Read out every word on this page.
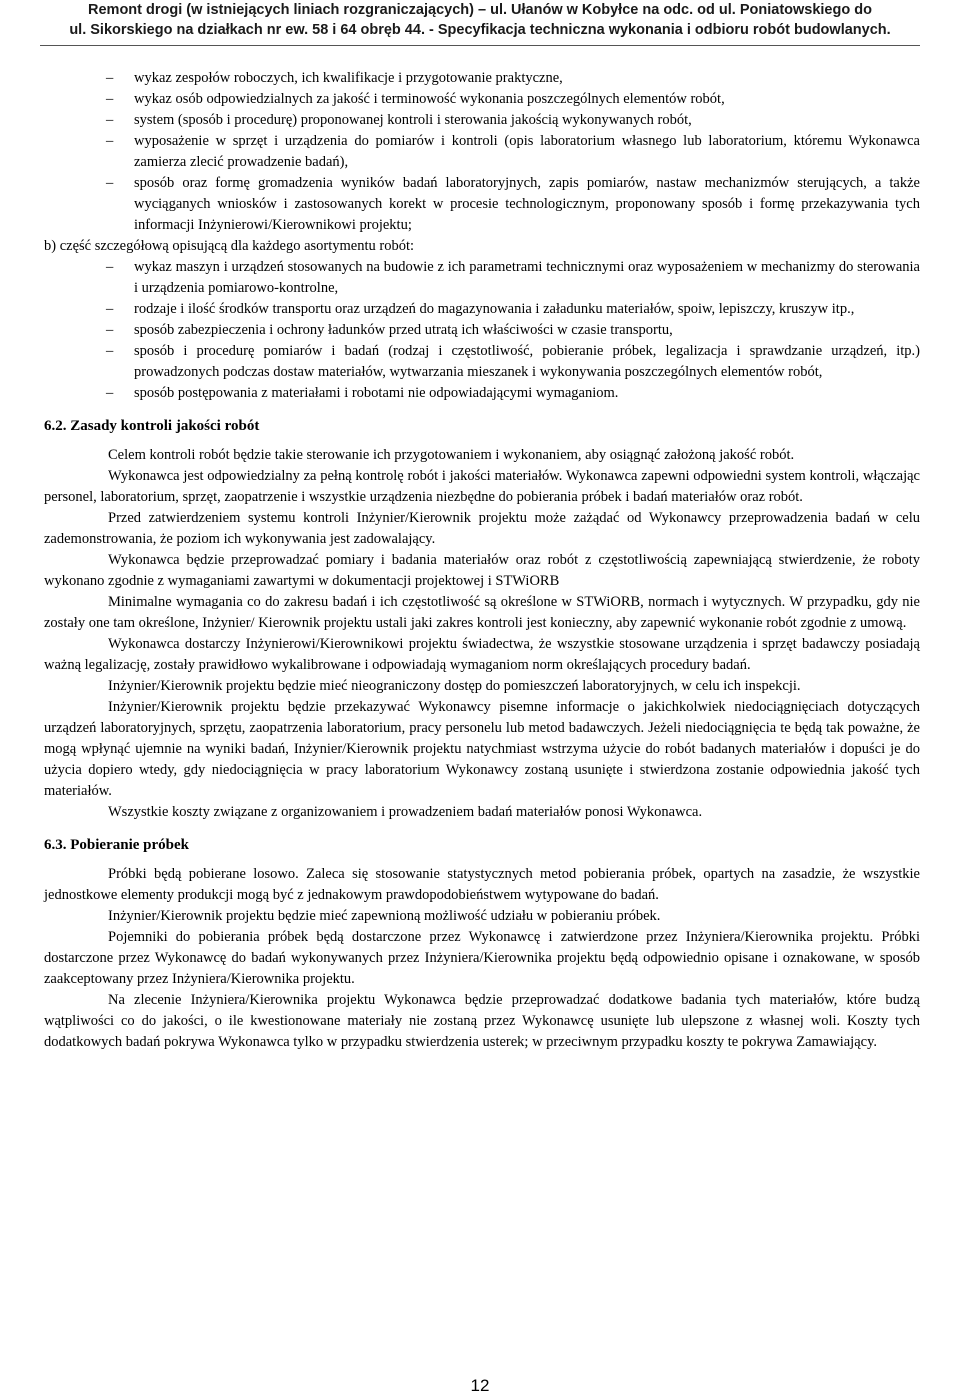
Remont drogi (w istniejących liniach rozgraniczających) – ul. Ułanów w Kobyłce na odc. od ul. Poniatowskiego do
ul. Sikorskiego na działkach nr ew. 58 i 64 obręb 44. - Specyfikacja techniczna wykonania i odbioru robót budowlanych.
– wykaz zespołów roboczych, ich kwalifikacje i przygotowanie praktyczne,
– wykaz osób odpowiedzialnych za jakość i terminowość wykonania poszczególnych elementów robót,
– system (sposób i procedurę) proponowanej kontroli i sterowania jakością wykonywanych robót,
– wyposażenie w sprzęt i urządzenia do pomiarów i kontroli (opis laboratorium własnego lub laboratorium, któremu Wykonawca zamierza zlecić prowadzenie badań),
– sposób oraz formę gromadzenia wyników badań laboratoryjnych, zapis pomiarów, nastaw mechanizmów sterujących, a także wyciąganych wniosków i zastosowanych korekt w procesie technologicznym, proponowany sposób i formę przekazywania tych informacji Inżynierowi/Kierownikowi projektu;

b) część szczegółową opisującą dla każdego asortymentu robót:

– wykaz maszyn i urządzeń stosowanych na budowie z ich parametrami technicznymi oraz wyposażeniem w mechanizmy do sterowania i urządzenia pomiarowo-kontrolne,
– rodzaje i ilość środków transportu oraz urządzeń do magazynowania i załadunku materiałów, spoiw, lepiszczy, kruszyw itp.,
– sposób zabezpieczenia i ochrony ładunków przed utratą ich właściwości w czasie transportu,
– sposób i procedurę pomiarów i badań (rodzaj i częstotliwość, pobieranie próbek, legalizacja i sprawdzanie urządzeń, itp.) prowadzonych podczas dostaw materiałów, wytwarzania mieszanek i wykonywania poszczególnych elementów robót,
– sposób postępowania z materiałami i robotami nie odpowiadającymi wymaganiom.
6.2. Zasady kontroli jakości robót

Celem kontroli robót będzie takie sterowanie ich przygotowaniem i wykonaniem, aby osiągnąć założoną jakość robót.

Wykonawca jest odpowiedzialny za pełną kontrolę robót i jakości materiałów. Wykonawca zapewni odpowiedni system kontroli, włączając personel, laboratorium, sprzęt, zaopatrzenie i wszystkie urządzenia niezbędne do pobierania próbek i badań materiałów oraz robót.

Przed zatwierdzeniem systemu kontroli Inżynier/Kierownik projektu może zażądać od Wykonawcy przeprowadzenia badań w celu zademonstrowania, że poziom ich wykonywania jest zadowalający.

Wykonawca będzie przeprowadzać pomiary i badania materiałów oraz robót z częstotliwością zapewniającą stwierdzenie, że roboty wykonano zgodnie z wymaganiami zawartymi w dokumentacji projektowej i STWiORB

Minimalne wymagania co do zakresu badań i ich częstotliwość są określone w STWiORB, normach i wytycznych. W przypadku, gdy nie zostały one tam określone, Inżynier/ Kierownik projektu ustali jaki zakres kontroli jest konieczny, aby zapewnić wykonanie robót zgodnie z umową.

Wykonawca dostarczy Inżynierowi/Kierownikowi projektu świadectwa, że wszystkie stosowane urządzenia i sprzęt badawczy posiadają ważną legalizację, zostały prawidłowo wykalibrowane i odpowiadają wymaganiom norm określających procedury badań.

Inżynier/Kierownik projektu będzie mieć nieograniczony dostęp do pomieszczeń laboratoryjnych, w celu ich inspekcji.

Inżynier/Kierownik projektu będzie przekazywać Wykonawcy pisemne informacje o jakichkolwiek niedociągnięciach dotyczących urządzeń laboratoryjnych, sprzętu, zaopatrzenia laboratorium, pracy personelu lub metod badawczych. Jeżeli niedociągnięcia te będą tak poważne, że mogą wpłynąć ujemnie na wyniki badań, Inżynier/Kierownik projektu natychmiast wstrzyma użycie do robót badanych materiałów i dopuści je do użycia dopiero wtedy, gdy niedociągnięcia w pracy laboratorium Wykonawcy zostaną usunięte i stwierdzona zostanie odpowiednia jakość tych materiałów.

Wszystkie koszty związane z organizowaniem i prowadzeniem badań materiałów ponosi Wykonawca.

6.3. Pobieranie próbek

Próbki będą pobierane losowo. Zaleca się stosowanie statystycznych metod pobierania próbek, opartych na zasadzie, że wszystkie jednostkowe elementy produkcji mogą być z jednakowym prawdopodobieństwem wytypowane do badań.

Inżynier/Kierownik projektu będzie mieć zapewnioną możliwość udziału w pobieraniu próbek.

Pojemniki do pobierania próbek będą dostarczone przez Wykonawcę i zatwierdzone przez Inżyniera/Kierownika projektu. Próbki dostarczone przez Wykonawcę do badań wykonywanych przez Inżyniera/Kierownika projektu będą odpowiednio opisane i oznakowane, w sposób zaakceptowany przez Inżyniera/Kierownika projektu.

Na zlecenie Inżyniera/Kierownika projektu Wykonawca będzie przeprowadzać dodatkowe badania tych materiałów, które budzą wątpliwości co do jakości, o ile kwestionowane materiały nie zostaną przez Wykonawcę usunięte lub ulepszone z własnej woli. Koszty tych dodatkowych badań pokrywa Wykonawca tylko w przypadku stwierdzenia usterek; w przeciwnym przypadku koszty te pokrywa Zamawiający.

12
